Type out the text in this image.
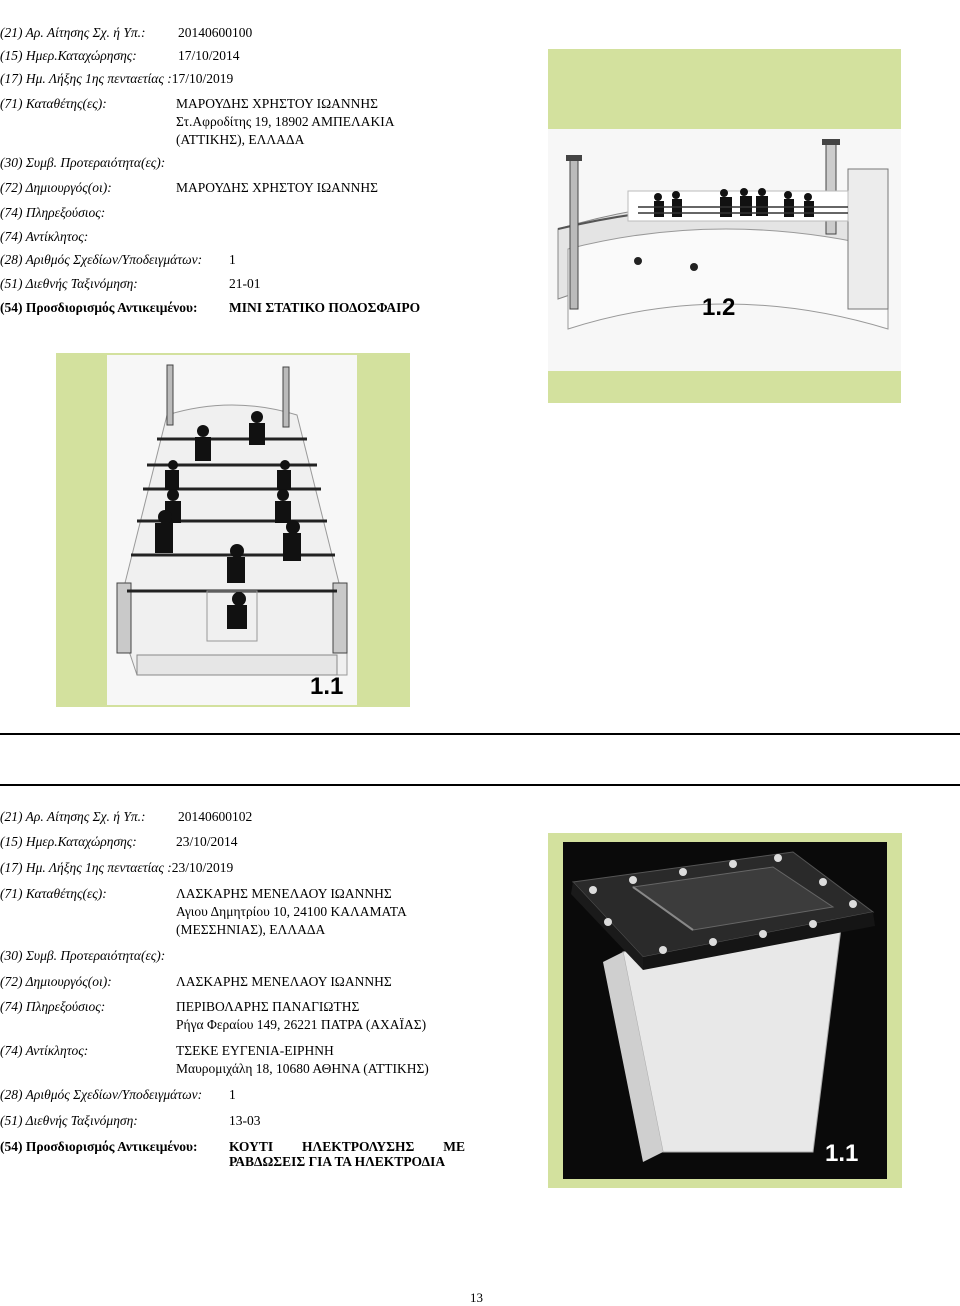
(21) Αρ. Αίτησης Σχ. ή Υπ.: 20140600100
(15) Ημερ.Καταχώρησης:	17/10/2014
(17) Ημ. Λήξης 1ης πενταετίας :17/10/2019
(71) Καταθέτης(ες):	ΜΑΡΟΥΔΗΣ ΧΡΗΣΤΟΥ ΙΩΑΝΝΗΣ
Στ.Αφροδίτης 19, 18902 ΑΜΠΕΛΑΚΙΑ
(ΑΤΤΙΚΗΣ), ΕΛΛΑΔΑ
(30) Συμβ. Προτεραιότητα(ες):
(72) Δημιουργός(οι):	ΜΑΡΟΥΔΗΣ ΧΡΗΣΤΟΥ ΙΩΑΝΝΗΣ
(74) Πληρεξούσιος:
(74) Αντίκλητος:
(28) Αριθμός Σχεδίων/Υποδειγμάτων: 1
(51) Διεθνής Ταξινόμηση:	21-01
(54) Προσδιορισμός Αντικειμένου: ΜΙΝΙ ΣΤΑΤΙΚΟ ΠΟΔΟΣΦΑΙΡΟ	1.2
1.1
(21) Αρ. Αίτησης Σχ. ή Υπ.: 20140600102
(15) Ημερ.Καταχώρησης:	23/10/2014
(17) Ημ. Λήξης 1ης πενταετίας :23/10/2019
(71) Καταθέτης(ες):	ΛΑΣΚΑΡΗΣ ΜΕΝΕΛΑΟΥ ΙΩΑΝΝΗΣ
Αγιου Δημητρίου 10, 24100 ΚΑΛΑΜΑΤΑ
(ΜΕΣΣΗΝΙΑΣ), ΕΛΛΑΔΑ
(30) Συμβ. Προτεραιότητα(ες):
(72) Δημιουργός(οι):	ΛΑΣΚΑΡΗΣ ΜΕΝΕΛΑΟΥ ΙΩΑΝΝΗΣ
(74) Πληρεξούσιος:	ΠΕΡΙΒΟΛΑΡΗΣ ΠΑΝΑΓΙΩΤΗΣ
Ρήγα Φεραίου 149, 26221 ΠΑΤΡΑ (ΑΧΑΪΑΣ)
(74) Αντίκλητος:	ΤΣΕΚΕ ΕΥΓΕΝΙΑ-ΕΙΡΗΝΗ
Μαυρομιχάλη 18, 10680 ΑΘΗΝΑ (ΑΤΤΙΚΗΣ)
(28) Αριθμός Σχεδίων/Υποδειγμάτων: 1
(51) Διεθνής Ταξινόμηση:	13-03
(54) Προσδιορισμός Αντικειμένου: ΚΟΥΤΙ ΗΛΕΚΤΡΟΛΥΣΗΣ ΜΕ
ΡΑΒΔΩΣΕΙΣ ΓΙΑ ΤΑ ΗΛΕΚΤΡΟΔΙΑ	1.1
13
